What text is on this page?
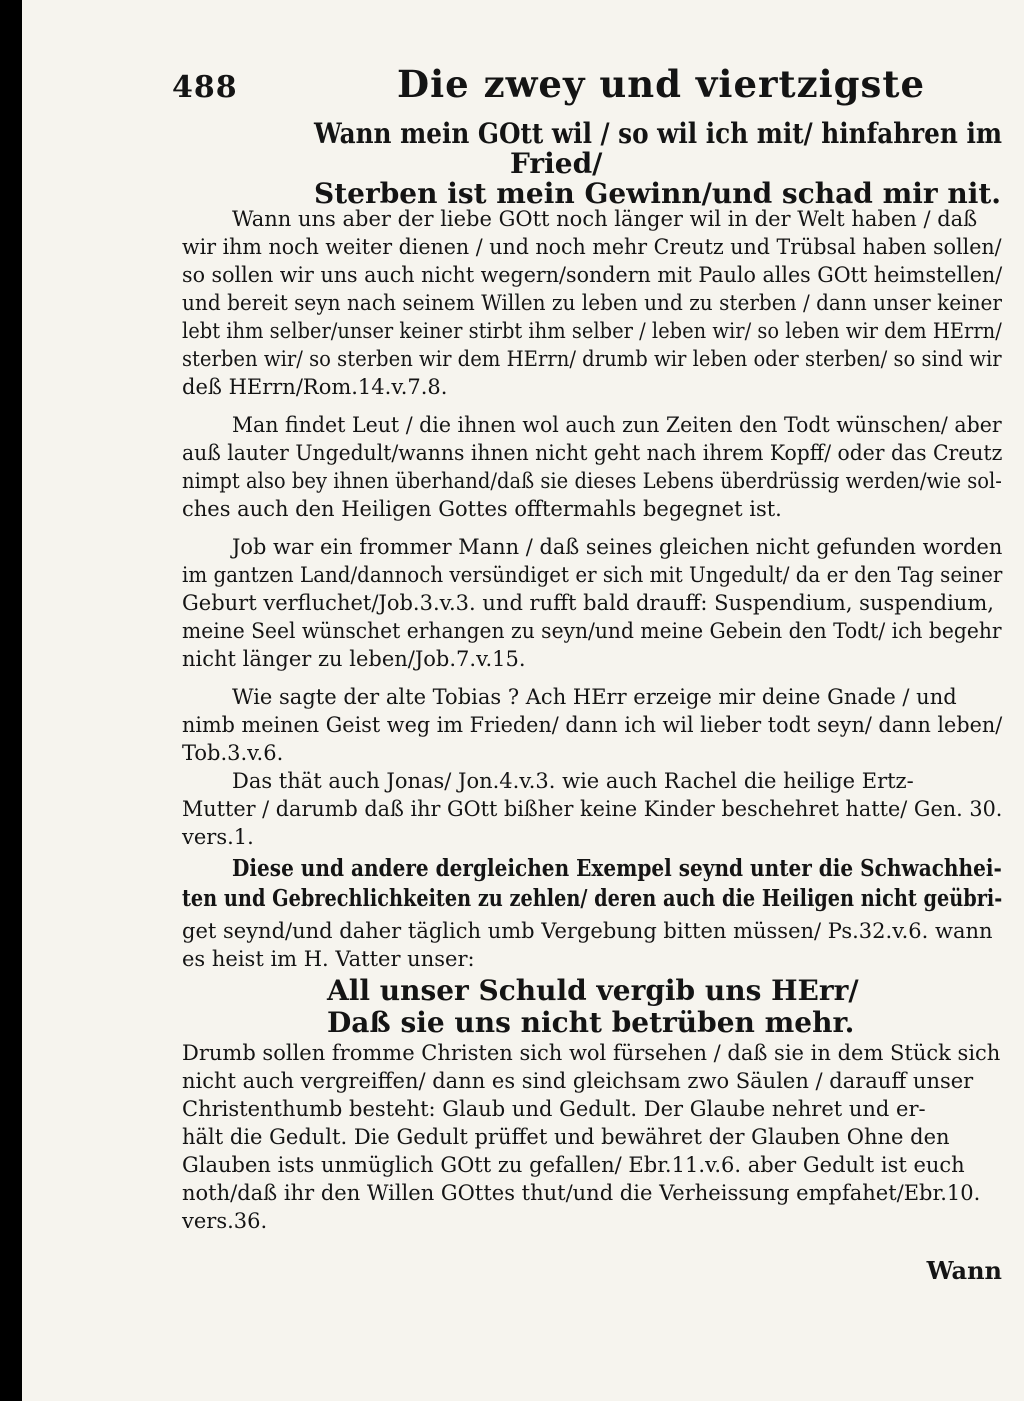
488	Die zwey und viertzigste
Wann mein GOtt wil / so wil ich mit/ hinfahren im
Fried/
Sterben ist mein Gewinn/und schad mir nit.
Wann uns aber der liebe GOtt noch länger wil in der Welt haben / daß
wir ihm noch weiter dienen / und noch mehr Creutz und Trübsal haben sollen/
so sollen wir uns auch nicht wegern/sondern mit Paulo alles GOtt heimstellen/
und bereit seyn nach seinem Willen zu leben und zu sterben / dann unser keiner
lebt ihm selber/unser keiner stirbt ihm selber / leben wir/ so leben wir dem HErrn/
sterben wir/ so sterben wir dem HErrn/ drumb wir leben oder sterben/ so sind wir
deß HErrn/Rom.14.v.7.8.
Man findet Leut / die ihnen wol auch zun Zeiten den Todt wünschen/ aber
auß lauter Ungedult/wanns ihnen nicht geht nach ihrem Kopff/ oder das Creutz
nimpt also bey ihnen überhand/daß sie dieses Lebens überdrüssig werden/wie sol-
ches auch den Heiligen Gottes offtermahls begegnet ist.
Job war ein frommer Mann / daß seines gleichen nicht gefunden worden
im gantzen Land/dannoch versündiget er sich mit Ungedult/ da er den Tag seiner
Geburt verfluchet/Job.3.v.3. und rufft bald drauff: Suspendium, suspendium,
meine Seel wünschet erhangen zu seyn/und meine Gebein den Todt/ ich begehr
nicht länger zu leben/Job.7.v.15.
Wie sagte der alte Tobias ? Ach HErr erzeige mir deine Gnade / und
nimb meinen Geist weg im Frieden/ dann ich wil lieber todt seyn/ dann leben/
Tob.3.v.6.
Das thät auch Jonas/ Jon.4.v.3. wie auch Rachel die heilige Ertz-
Mutter / darumb daß ihr GOtt bißher keine Kinder beschehret hatte/ Gen. 30.
vers.1.
Diese und andere dergleichen Exempel seynd unter die Schwachhei-
ten und Gebrechlichkeiten zu zehlen/ deren auch die Heiligen nicht geübri-
get seynd/und daher täglich umb Vergebung bitten müssen/ Ps.32.v.6. wann
es heist im H. Vatter unser:
All unser Schuld vergib uns HErr/
Daß sie uns nicht betrüben mehr.
Drumb sollen fromme Christen sich wol fürsehen / daß sie in dem Stück sich
nicht auch vergreiffen/ dann es sind gleichsam zwo Säulen / darauff unser
Christenthumb besteht: Glaub und Gedult. Der Glaube nehret und er-
hält die Gedult. Die Gedult prüffet und bewähret der Glauben Ohne den
Glauben ists unmüglich GOtt zu gefallen/ Ebr.11.v.6. aber Gedult ist euch
noth/daß ihr den Willen GOttes thut/und die Verheissung empfahet/Ebr.10.
vers.36.
Wann
